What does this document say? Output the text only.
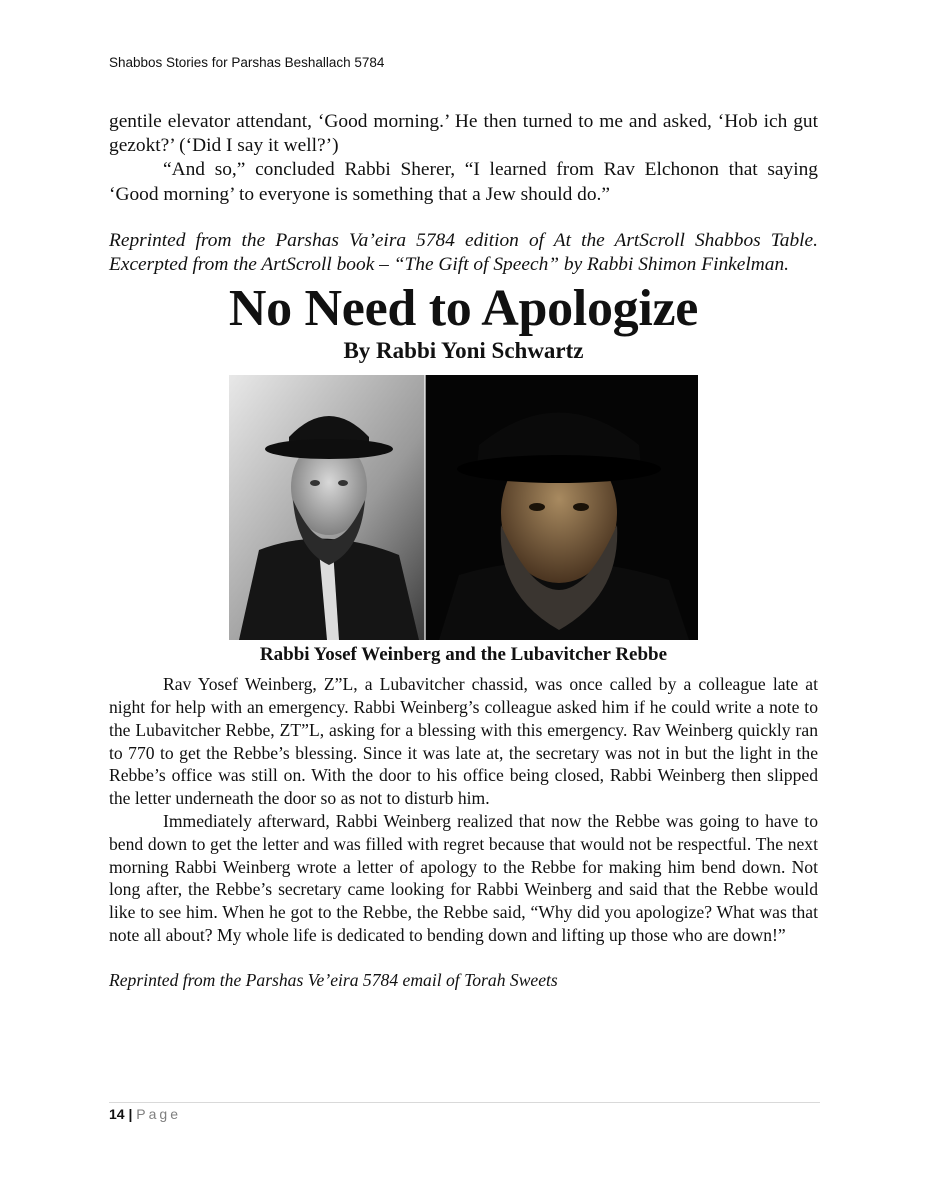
Shabbos Stories for Parshas Beshallach 5784

gentile elevator attendant, ‘Good morning.’ He then turned to me and asked, ‘Hob ich gut gezokt?’ (‘Did I say it well?’)

“And so,” concluded Rabbi Sherer, “I learned from Rav Elchonon that saying ‘Good morning’ to everyone is something that a Jew should do.”

Reprinted from the Parshas Va’eira 5784 edition of At the ArtScroll Shabbos Table. Excerpted from the ArtScroll book – “The Gift of Speech” by Rabbi Shimon Finkelman.

No Need to Apologize
By Rabbi Yoni Schwartz
Rabbi Yosef Weinberg and the Lubavitcher Rebbe

Rav Yosef Weinberg, Z”L, a Lubavitcher chassid, was once called by a colleague late at night for help with an emergency. Rabbi Weinberg’s colleague asked him if he could write a note to the Lubavitcher Rebbe, ZT”L, asking for a blessing with this emergency. Rav Weinberg quickly ran to 770 to get the Rebbe’s blessing. Since it was late at, the secretary was not in but the light in the Rebbe’s office was still on. With the door to his office being closed, Rabbi Weinberg then slipped the letter underneath the door so as not to disturb him.

Immediately afterward, Rabbi Weinberg realized that now the Rebbe was going to have to bend down to get the letter and was filled with regret because that would not be respectful. The next morning Rabbi Weinberg wrote a letter of apology to the Rebbe for making him bend down. Not long after, the Rebbe’s secretary came looking for Rabbi Weinberg and said that the Rebbe would like to see him. When he got to the Rebbe, the Rebbe said, “Why did you apologize? What was that note all about? My whole life is dedicated to bending down and lifting up those who are down!”

Reprinted from the Parshas Ve’eira 5784 email of Torah Sweets

14 | Page
